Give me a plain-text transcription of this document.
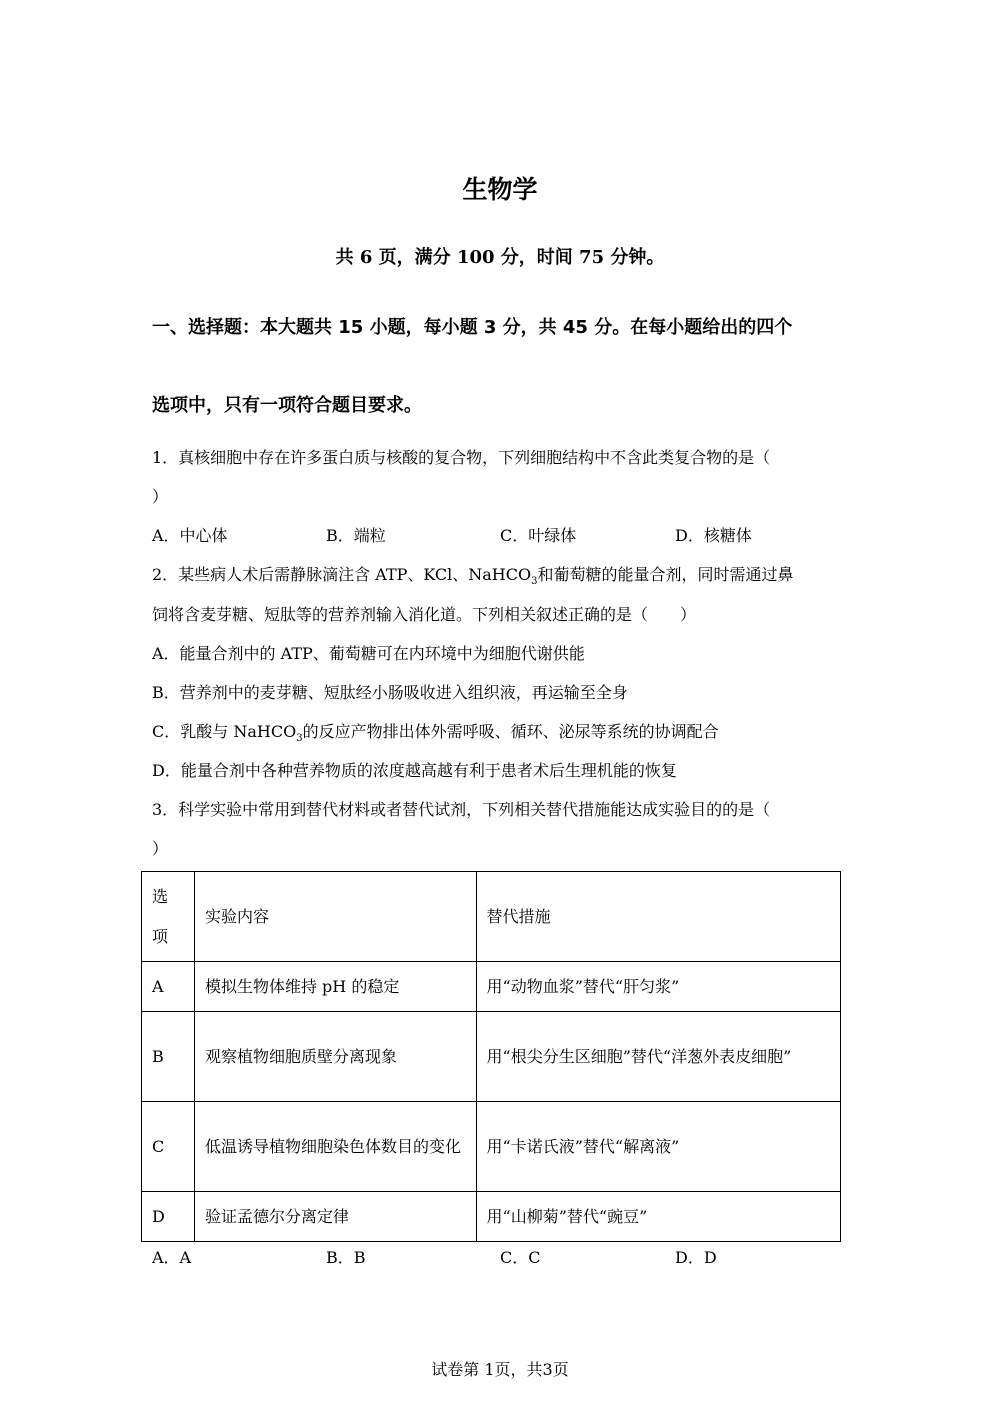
生物学
共 6 页，满分 100 分，时间 75 分钟。
一、选择题：本大题共 15 小题，每小题 3 分，共 45 分。在每小题给出的四个
选项中，只有一项符合题目要求。
1．真核细胞中存在许多蛋白质与核酸的复合物，下列细胞结构中不含此类复合物的是（
）
A．中心体	B．端粒	C．叶绿体	D．核糖体
2．某些病人术后需静脉滴注含 ATP、KCl、NaHCO$_3$和葡萄糖的能量合剂，同时需通过鼻
饲将含麦芽糖、短肽等的营养剂输入消化道。下列相关叙述正确的是（　　）
A．能量合剂中的 ATP、葡萄糖可在内环境中为细胞代谢供能
B．营养剂中的麦芽糖、短肽经小肠吸收进入组织液，再运输至全身
C．乳酸与 NaHCO$_3$的反应产物排出体外需呼吸、循环、泌尿等系统的协调配合
D．能量合剂中各种营养物质的浓度越高越有利于患者术后生理机能的恢复
3．科学实验中常用到替代材料或者替代试剂，下列相关替代措施能达成实验目的的是（
）
选项	实验内容	替代措施
A	模拟生物体维持 pH 的稳定	用“动物血浆”替代“肝匀浆”
B	观察植物细胞质壁分离现象	用“根尖分生区细胞”替代“洋葱外表皮细胞”
C	低温诱导植物细胞染色体数目的变化	用“卡诺氏液”替代“解离液”
D	验证孟德尔分离定律	用“山柳菊”替代“豌豆”
A．A	B．B	C．C	D．D
试卷第 1页，共3页
